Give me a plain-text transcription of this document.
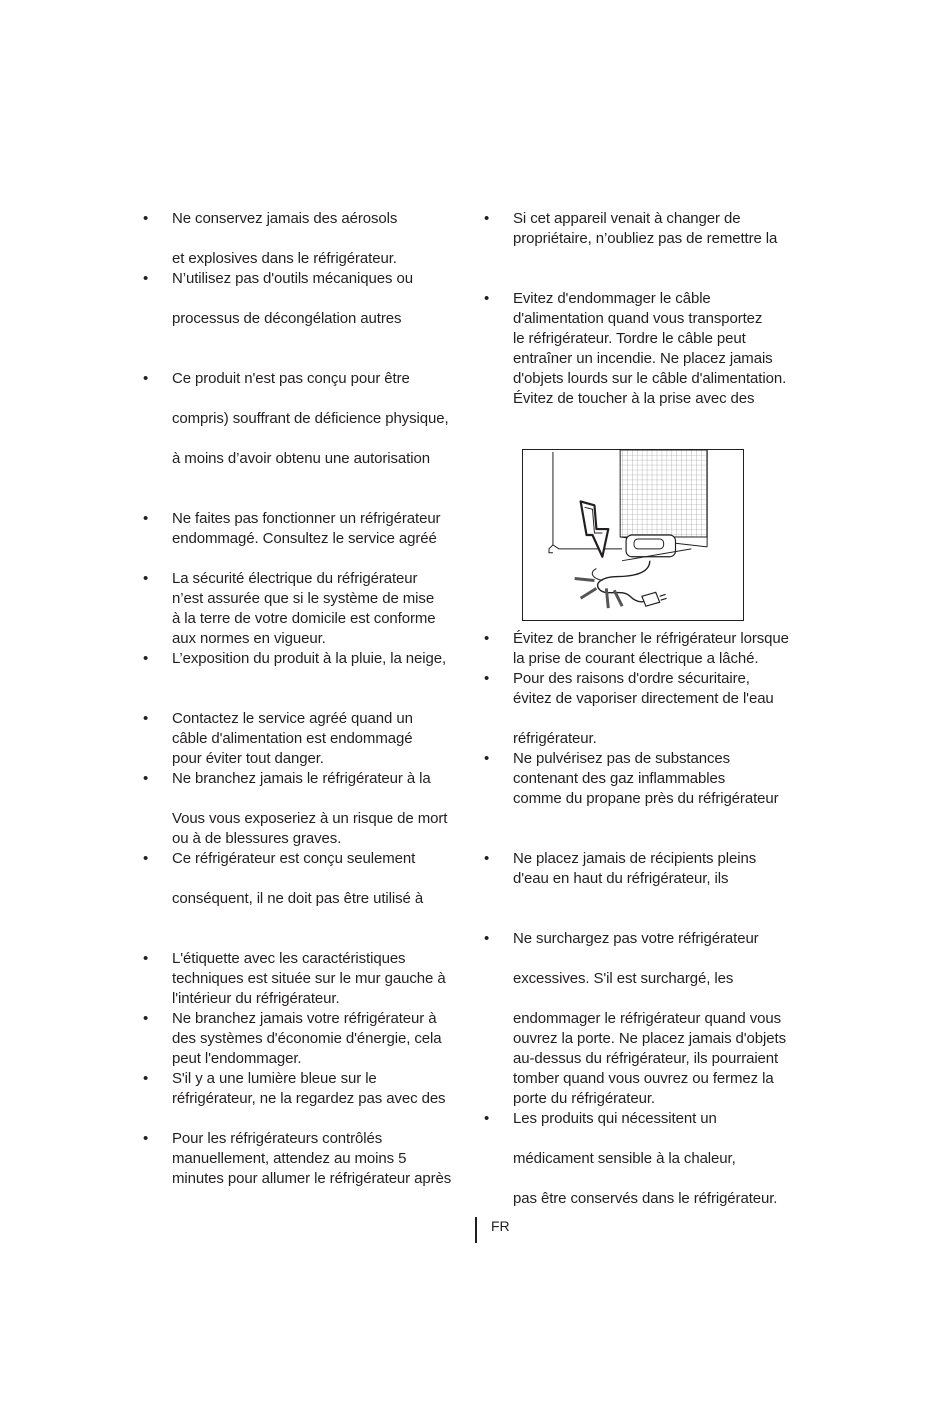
• Ne conservez jamais des aérosols
et explosives dans le réfrigérateur.
• N’utilisez pas d'outils mécaniques ou
processus de décongélation autres
• Ce produit n'est pas conçu pour être
compris) souffrant de déficience physique,
à moins d’avoir obtenu une autorisation
• Ne faites pas fonctionner un réfrigérateur
endommagé. Consultez le service agréé
• La sécurité électrique du réfrigérateur
n’est assurée que si le système de mise
à la terre de votre domicile est conforme
aux normes en vigueur.
• L’exposition du produit à la pluie, la neige,
• Contactez le service agréé quand un
câble d'alimentation est endommagé
pour éviter tout danger.
• Ne branchez jamais le réfrigérateur à la
Vous vous exposeriez à un risque de mort
ou à de blessures graves.
• Ce réfrigérateur est conçu seulement
conséquent, il ne doit pas être utilisé à
• L'étiquette avec les caractéristiques
techniques est située sur le mur gauche à
l'intérieur du réfrigérateur.
• Ne branchez jamais votre réfrigérateur à
des systèmes d'économie d'énergie, cela
peut l'endommager.
• S'il y a une lumière bleue sur le
réfrigérateur, ne la regardez pas avec des
• Pour les réfrigérateurs contrôlés
manuellement, attendez au moins 5
minutes pour allumer le réfrigérateur après
• Si cet appareil venait à changer de
propriétaire, n’oubliez pas de remettre la
• Evitez d'endommager le câble
d'alimentation quand vous transportez
le réfrigérateur. Tordre le câble peut
entraîner un incendie. Ne placez jamais
d'objets lourds sur le câble d'alimentation.
Évitez de toucher à la prise avec des
• Évitez de brancher le réfrigérateur lorsque
la prise de courant électrique a lâché.
• Pour des raisons d'ordre sécuritaire,
évitez de vaporiser directement de l'eau
réfrigérateur.
• Ne pulvérisez pas de substances
contenant des gaz inflammables
comme du propane près du réfrigérateur
• Ne placez jamais de récipients pleins
d'eau en haut du réfrigérateur, ils
• Ne surchargez pas votre réfrigérateur
excessives. S'il est surchargé, les
endommager le réfrigérateur quand vous
ouvrez la porte. Ne placez jamais d'objets
au-dessus du réfrigérateur, ils pourraient
tomber quand vous ouvrez ou fermez la
porte du réfrigérateur.
• Les produits qui nécessitent un
médicament sensible à la chaleur,
pas être conservés dans le réfrigérateur.
FR
